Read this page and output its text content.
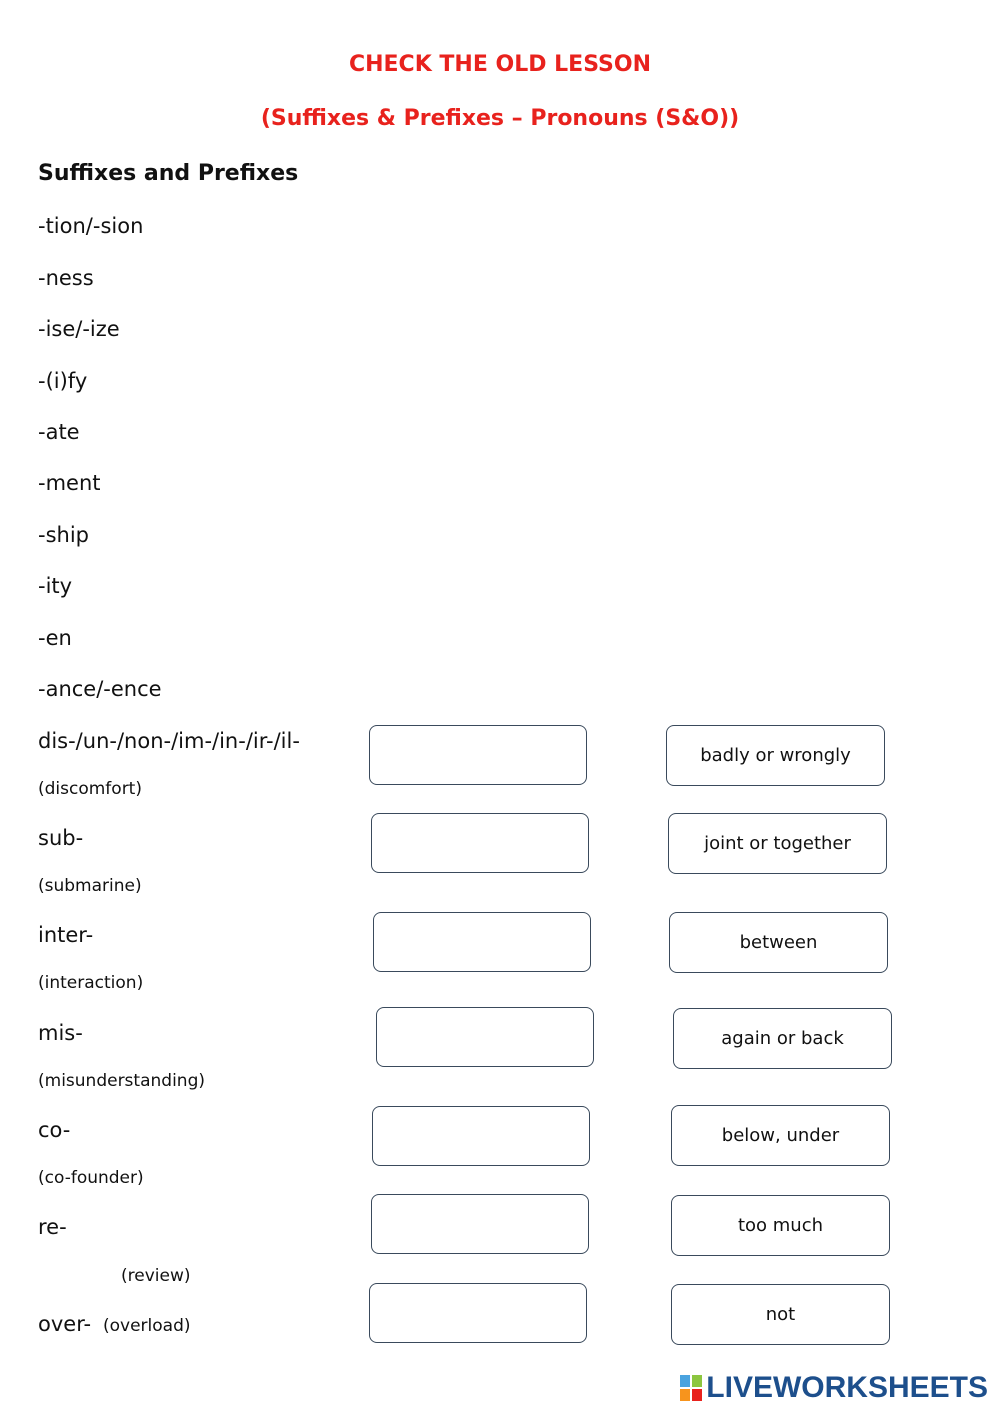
CHECK THE OLD LESSON
(Suffixes & Prefixes – Pronouns (S&O))
Suffixes and Prefixes
-tion/-sion
-ness
-ise/-ize
-(i)fy
-ate
-ment
-ship
-ity
-en
-ance/-ence
dis-/un-/non-/im-/in-/ir-/il-
(discomfort)
sub-
(submarine)
inter-
(interaction)
mis-
(misunderstanding)
co-
(co-founder)
re-
(review)
over- (overload)
badly or wrongly
joint or together
between
again or back
below, under
too much
not
LIVEWORKSHEETS
